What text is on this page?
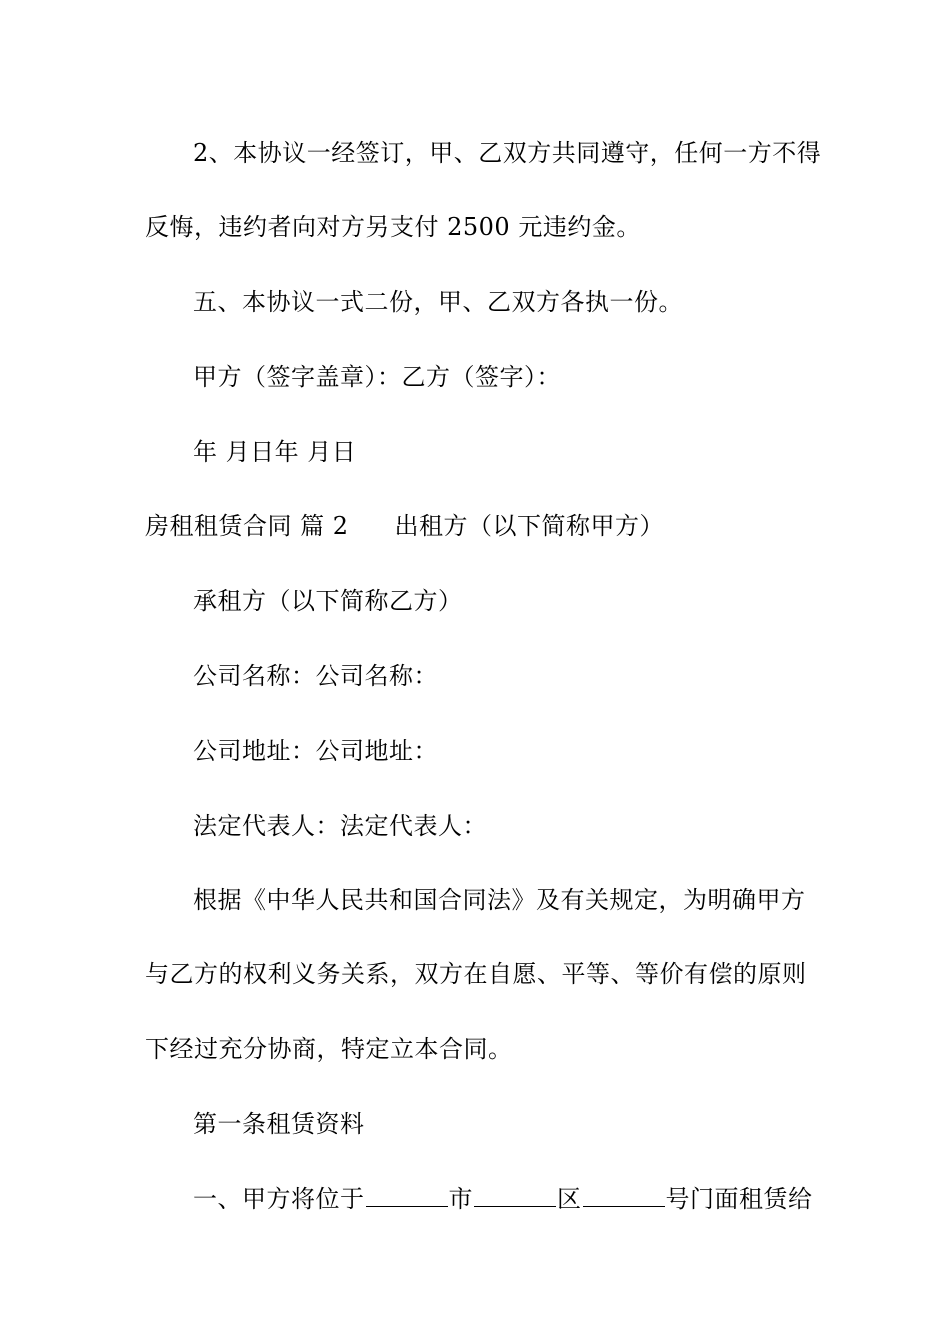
2、本协议一经签订，甲、乙双方共同遵守，任何一方不得
反悔，违约者向对方另支付 2500 元违约金。
五、本协议一式二份，甲、乙双方各执一份。
甲方（签字盖章）：乙方（签字）：
年 月日年 月日
房租租赁合同 篇 2 出租方（以下简称甲方）
承租方（以下简称乙方）
公司名称：公司名称：
公司地址：公司地址：
法定代表人：法定代表人：
根据《中华人民共和国合同法》及有关规定，为明确甲方
与乙方的权利义务关系，双方在自愿、平等、等价有偿的原则
下经过充分协商，特定立本合同。
第一条租赁资料
一、甲方将位于	市	区	号门面租赁给
